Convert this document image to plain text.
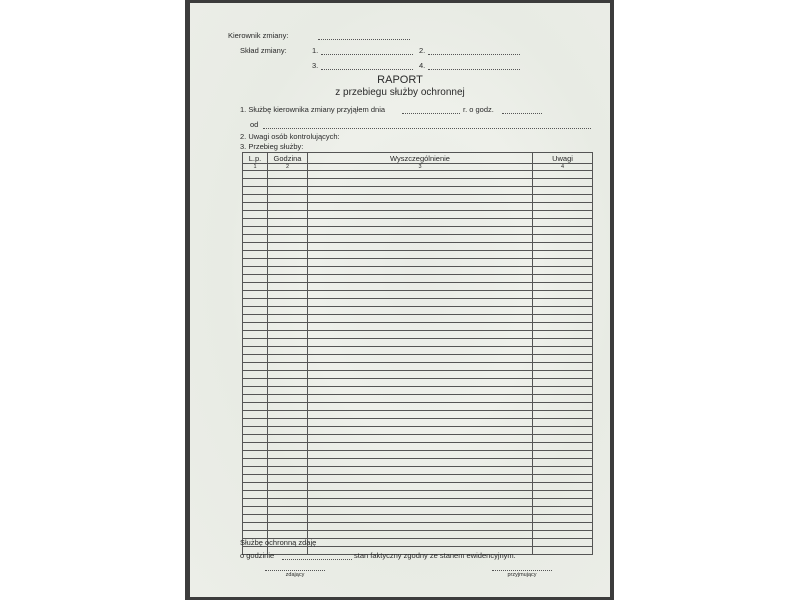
Kierownik zmiany:
Skład zmiany:	1.	2.
3.	4.
RAPORT
z przebiegu służby ochronnej
1. Służbę kierownika zmiany przyjąłem dnia	r. o godz.
od
2. Uwagi osób kontrolujących:
3. Przebieg służby:
L.p.	Godzina	Wyszczególnienie	Uwagi
1	2	3	4

Służbę ochronną zdaję
o godzinie	stan faktyczny zgodny ze stanem ewidencyjnym.
zdający	przyjmujący
